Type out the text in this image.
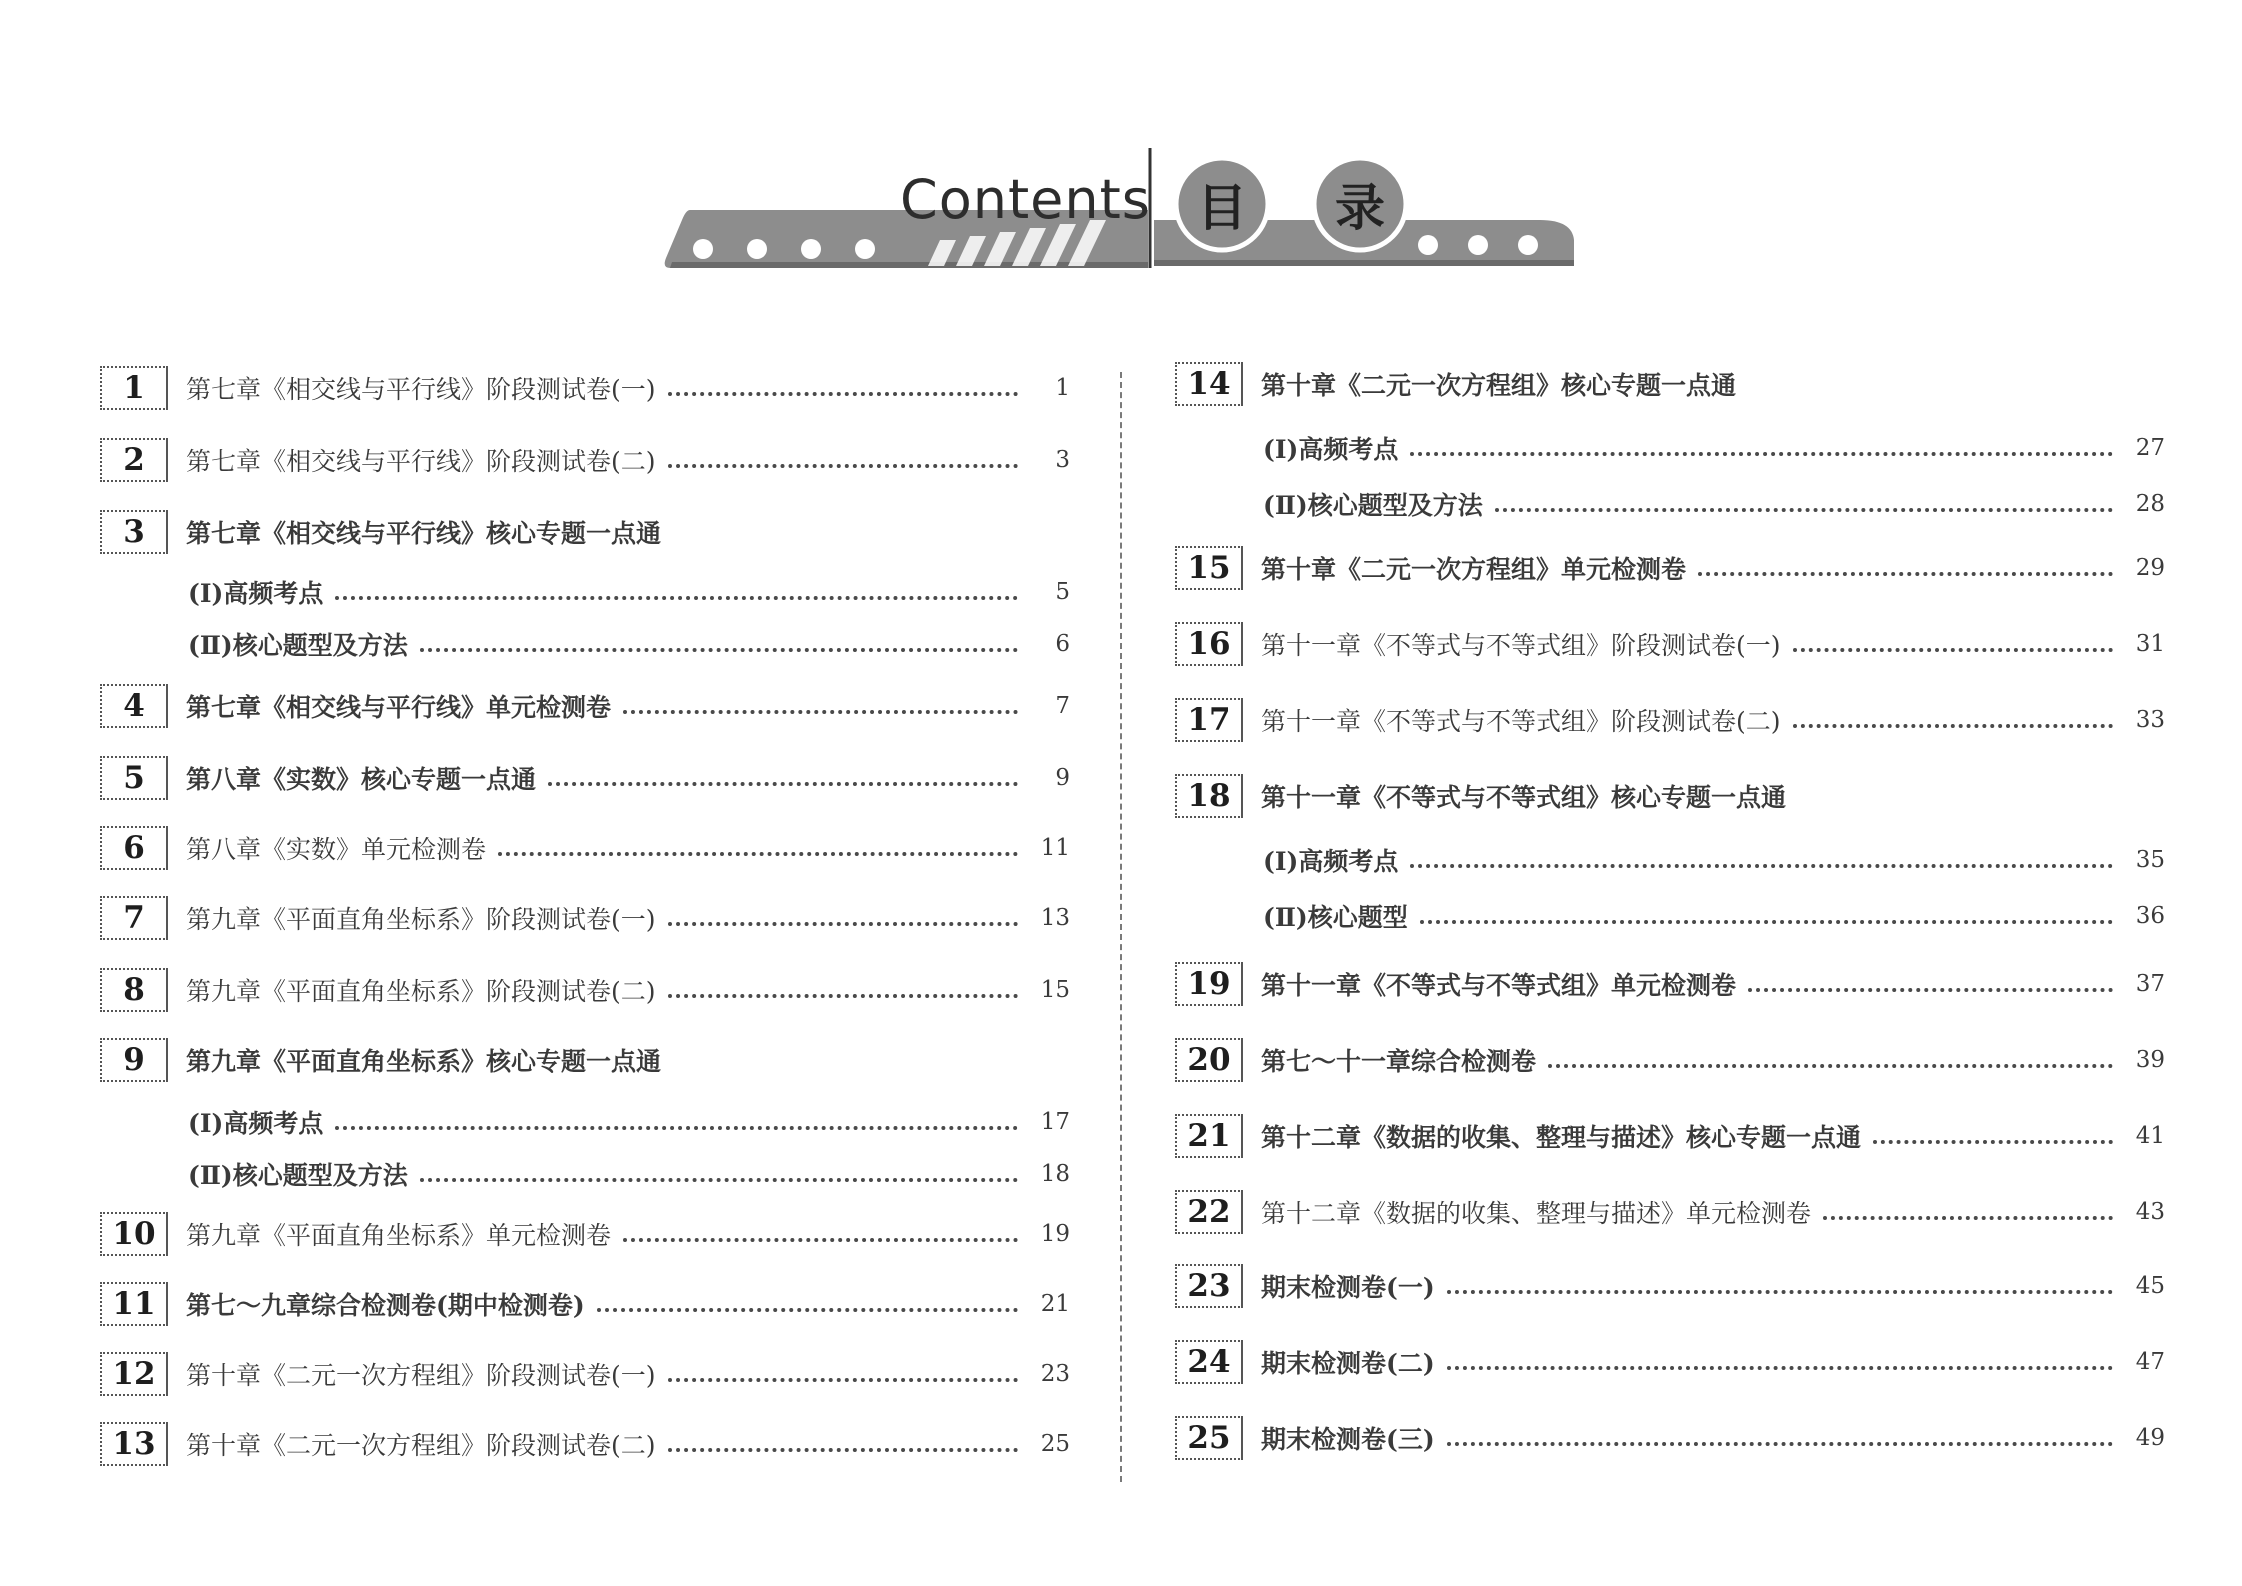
Contents 目	录
1	第七章《相交线与平行线》阶段测试卷(一)	1
2	第七章《相交线与平行线》阶段测试卷(二)	3
3	第七章《相交线与平行线》核心专题一点通
(Ⅰ)高频考点	5
(Ⅱ)核心题型及方法	6
4	第七章《相交线与平行线》单元检测卷	7
5	第八章《实数》核心专题一点通	9
6	第八章《实数》单元检测卷	11
7	第九章《平面直角坐标系》阶段测试卷(一)	13
8	第九章《平面直角坐标系》阶段测试卷(二)	15
9	第九章《平面直角坐标系》核心专题一点通
(Ⅰ)高频考点	17
(Ⅱ)核心题型及方法	18
10	第九章《平面直角坐标系》单元检测卷	19
11	第七～九章综合检测卷(期中检测卷)	21
12	第十章《二元一次方程组》阶段测试卷(一)	23
13	第十章《二元一次方程组》阶段测试卷(二)	25
14	第十章《二元一次方程组》核心专题一点通
(Ⅰ)高频考点	27
(Ⅱ)核心题型及方法	28
15	第十章《二元一次方程组》单元检测卷	29
16	第十一章《不等式与不等式组》阶段测试卷(一)	31
17	第十一章《不等式与不等式组》阶段测试卷(二)	33
18	第十一章《不等式与不等式组》核心专题一点通
(Ⅰ)高频考点	35
(Ⅱ)核心题型	36
19	第十一章《不等式与不等式组》单元检测卷	37
20	第七～十一章综合检测卷	39
21	第十二章《数据的收集、整理与描述》核心专题一点通	41
22	第十二章《数据的收集、整理与描述》单元检测卷	43
23	期末检测卷(一)	45
24	期末检测卷(二)	47
25	期末检测卷(三)	49
